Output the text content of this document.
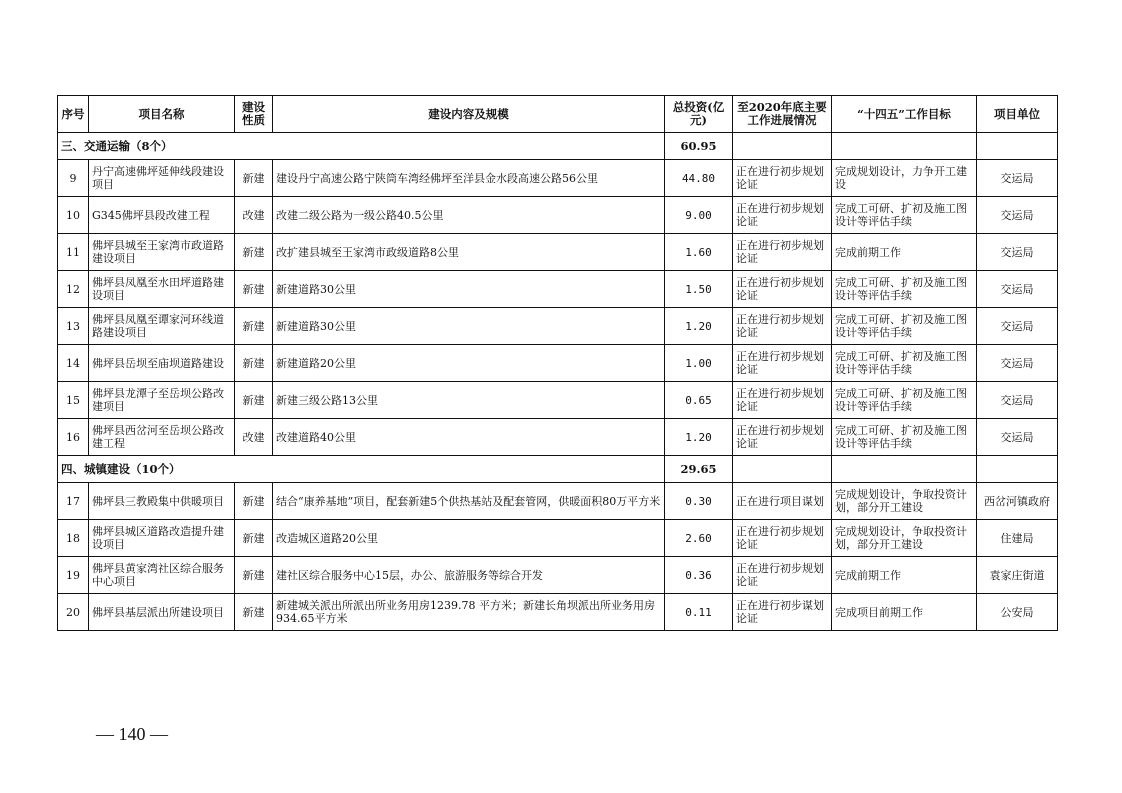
序号	项目名称	建设性质	建设内容及规模	总投资(亿元)	至2020年底主要工作进展情况	“十四五”工作目标	项目单位
三、交通运输（8个）				60.95			
9	丹宁高速佛坪延伸线段建设项目	新建	建设丹宁高速公路宁陕筒车湾经佛坪至洋县金水段高速公路56公里	44.80	正在进行初步规划论证	完成规划设计，力争开工建设	交运局
10	G345佛坪县段改建工程	改建	改建二级公路为一级公路40.5公里	9.00	正在进行初步规划论证	完成工可研、扩初及施工图设计等评估手续	交运局
11	佛坪县城至王家湾市政道路建设项目	新建	改扩建县城至王家湾市政级道路8公里	1.60	正在进行初步规划论证	完成前期工作	交运局
12	佛坪县凤凰至水田坪道路建设项目	新建	新建道路30公里	1.50	正在进行初步规划论证	完成工可研、扩初及施工图设计等评估手续	交运局
13	佛坪县凤凰至谭家河环线道路建设项目	新建	新建道路30公里	1.20	正在进行初步规划论证	完成工可研、扩初及施工图设计等评估手续	交运局
14	佛坪县岳坝至庙坝道路建设	新建	新建道路20公里	1.00	正在进行初步规划论证	完成工可研、扩初及施工图设计等评估手续	交运局
15	佛坪县龙潭子至岳坝公路改建项目	新建	新建三级公路13公里	0.65	正在进行初步规划论证	完成工可研、扩初及施工图设计等评估手续	交运局
16	佛坪县西岔河至岳坝公路改建工程	改建	改建道路40公里	1.20	正在进行初步规划论证	完成工可研、扩初及施工图设计等评估手续	交运局
四、城镇建设（10个）				29.65			
17	佛坪县三教殿集中供暖项目	新建	结合“康养基地”项目，配套新建5个供热基站及配套管网，供暖面积80万平方米	0.30	正在进行项目谋划	完成规划设计，争取投资计划，部分开工建设	西岔河镇政府
18	佛坪县城区道路改造提升建设项目	新建	改造城区道路20公里	2.60	正在进行初步规划论证	完成规划设计，争取投资计划，部分开工建设	住建局
19	佛坪县黄家湾社区综合服务中心项目	新建	建社区综合服务中心15层，办公、旅游服务等综合开发	0.36	正在进行初步规划论证	完成前期工作	袁家庄街道
20	佛坪县基层派出所建设项目	新建	新建城关派出所派出所业务用房1239.78 平方米；新建长角坝派出所业务用房934.65平方米	0.11	正在进行初步谋划论证	完成项目前期工作	公安局
— 140 —
